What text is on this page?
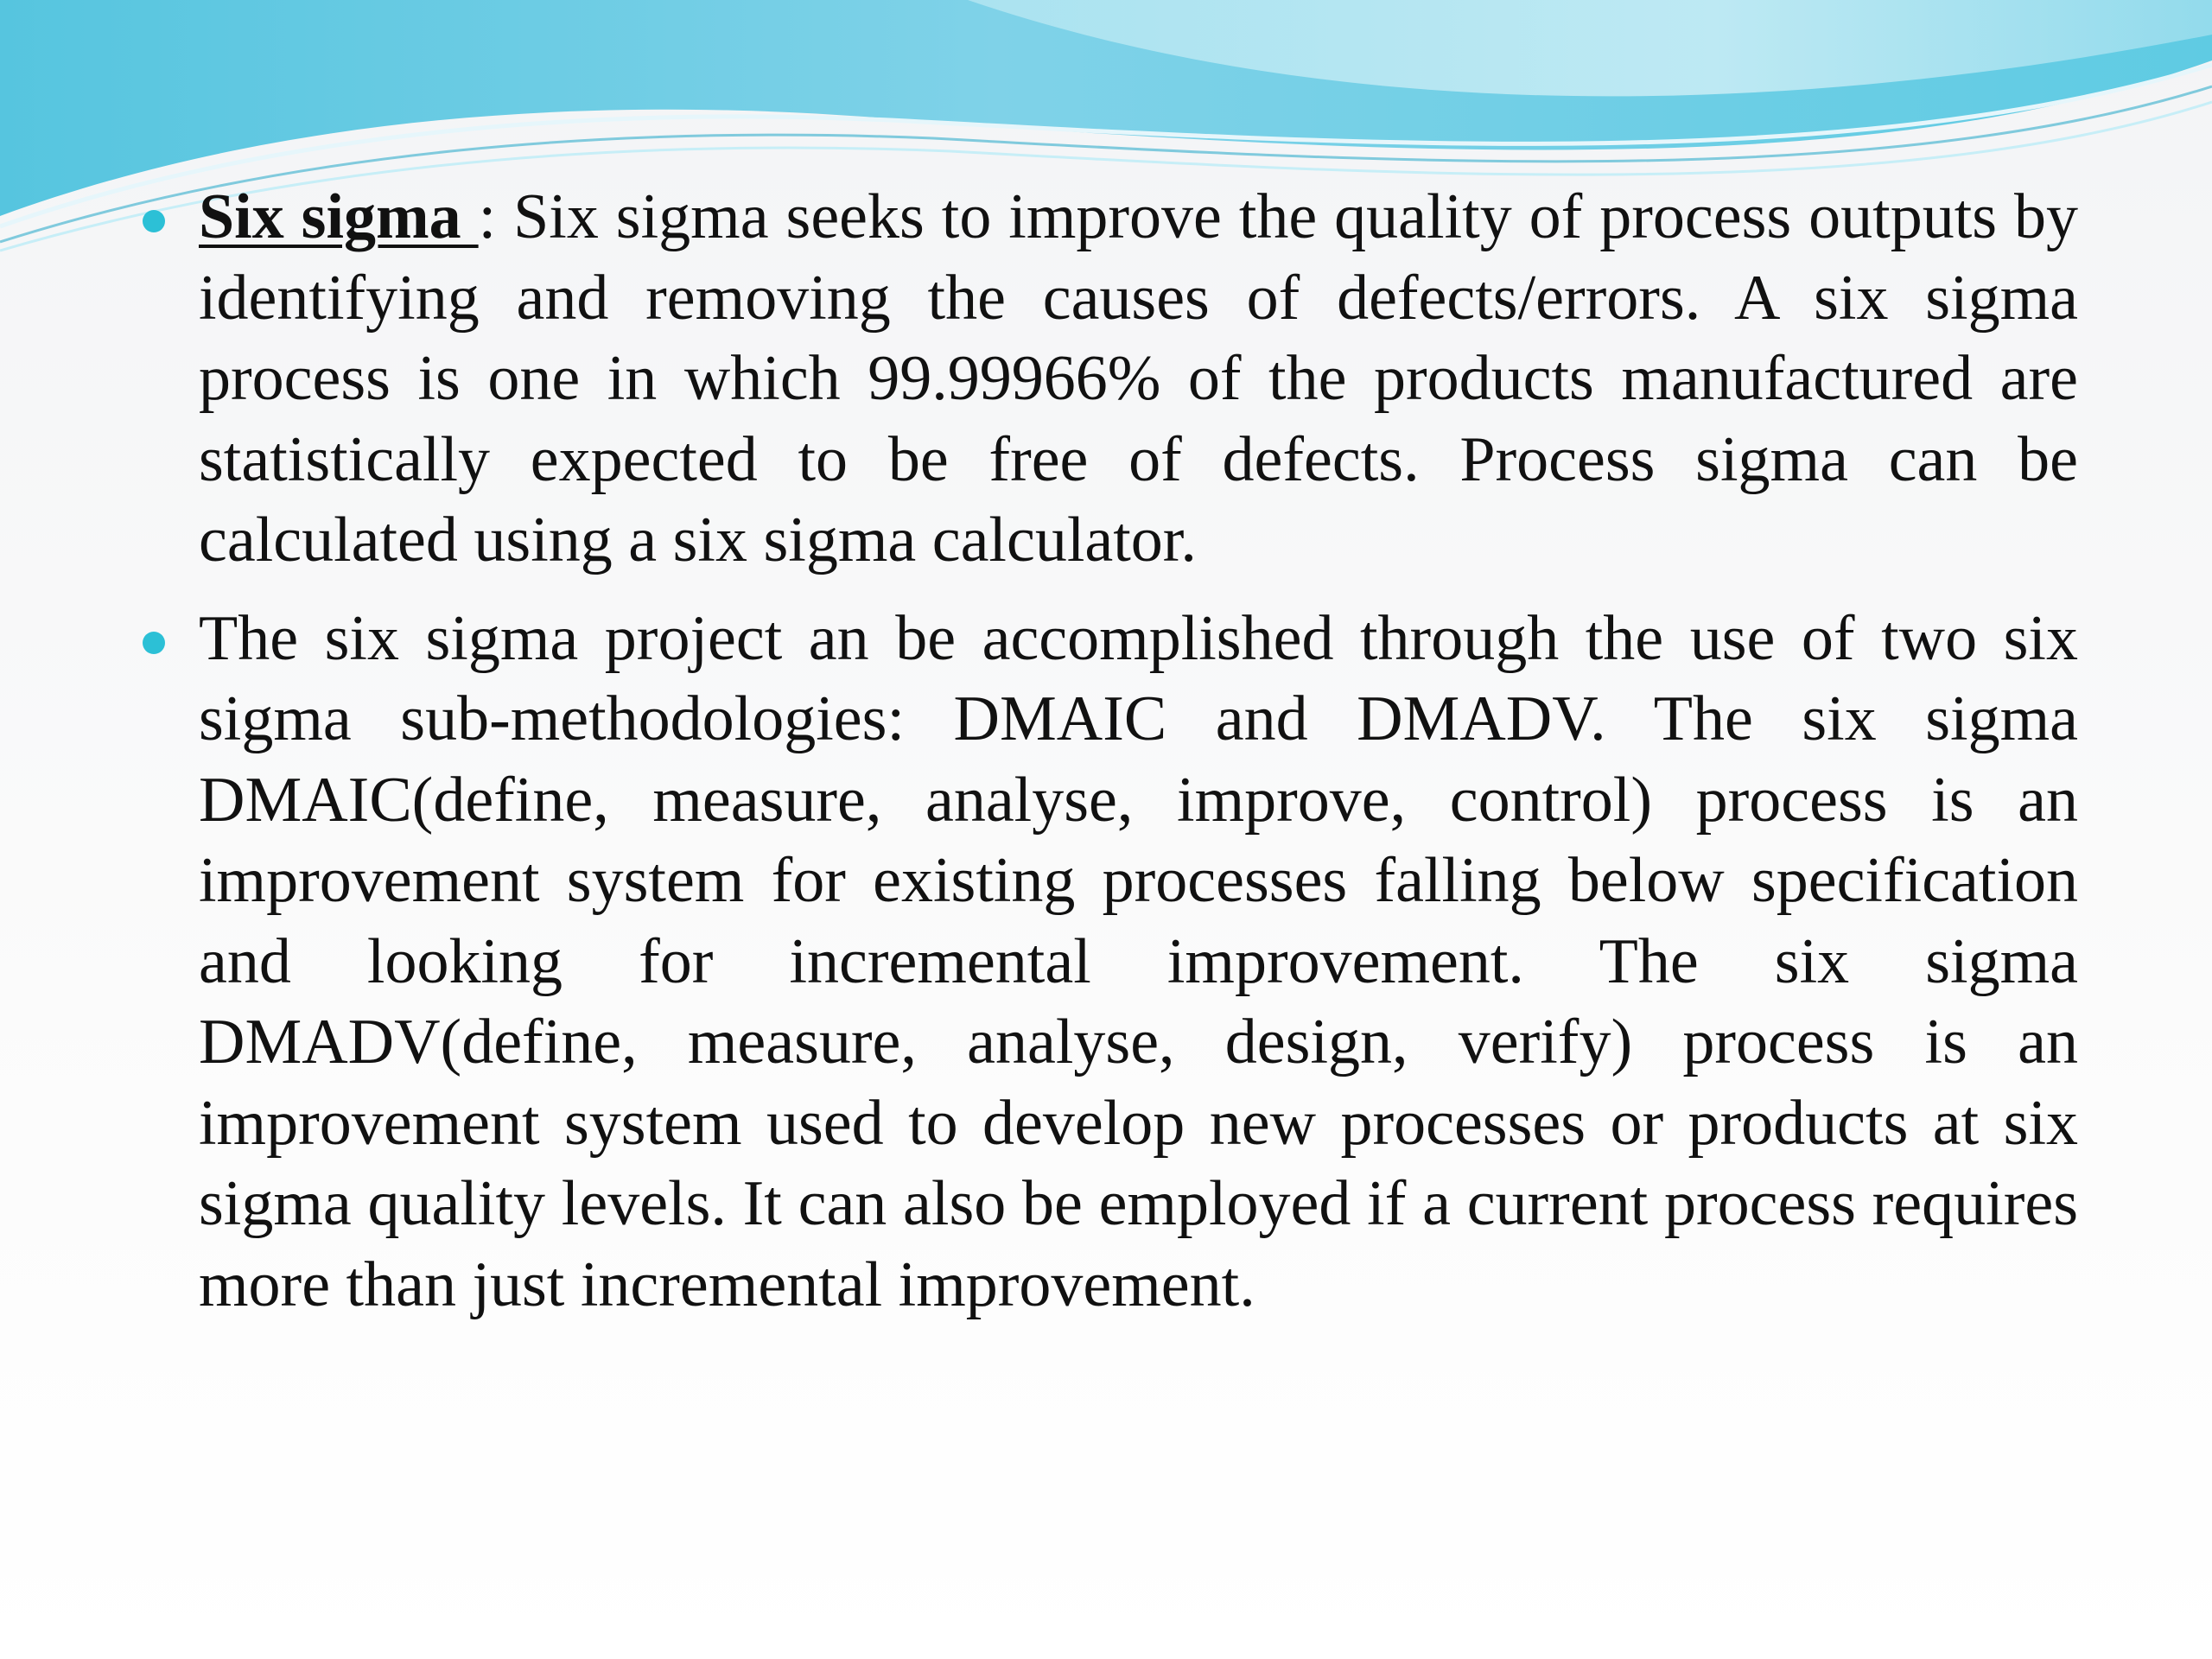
Six sigma : Six sigma seeks to improve the quality of process outputs by identifying and removing the causes of defects/errors. A six sigma process is one in which 99.99966% of the products manufactured are statistically expected to be free of defects. Process sigma can be calculated using a six sigma calculator.

The six sigma project an be accomplished through the use of two six sigma sub-methodologies: DMAIC and DMADV. The six sigma DMAIC(define, measure, analyse, improve, control) process is an improvement system for existing processes falling below specification and looking for incremental improvement. The six sigma DMADV(define, measure, analyse, design, verify) process is an improvement system used to develop new processes or products at six sigma quality levels. It can also be employed if a current process requires more than just incremental improvement.
